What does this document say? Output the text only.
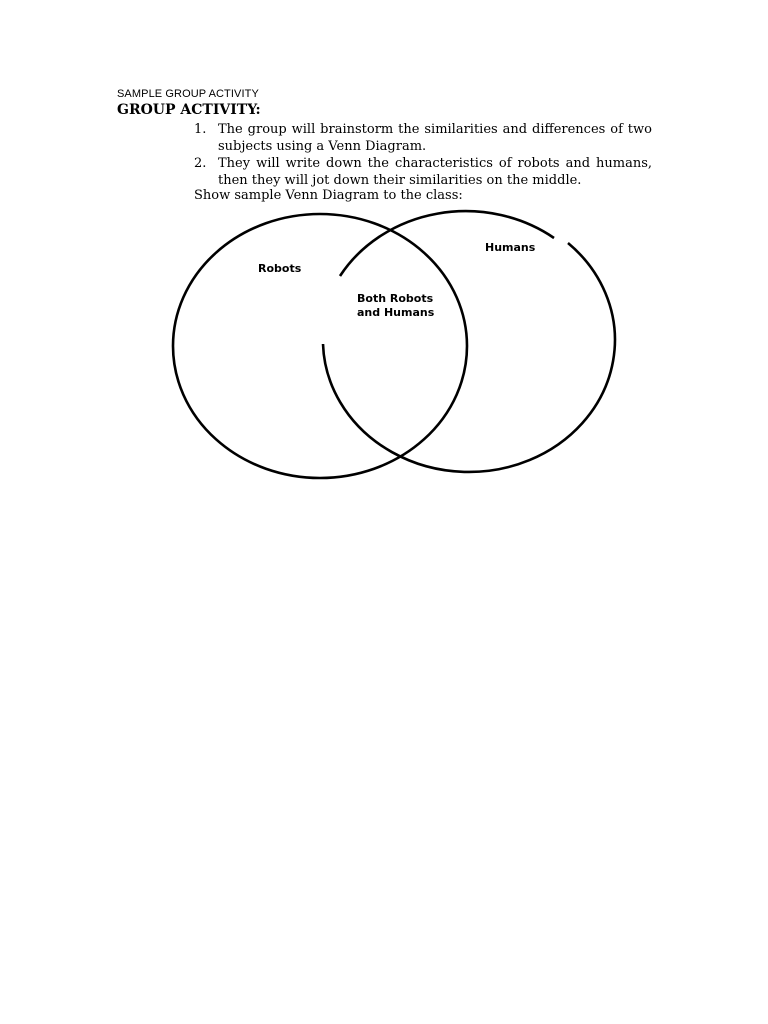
SAMPLE GROUP ACTIVITY
GROUP ACTIVITY:
1. The group will brainstorm the similarities and differences of two subjects using a Venn Diagram.
2. They will write down the characteristics of robots and humans, then they will jot down their similarities on the middle.
Show sample Venn Diagram to the class:
Robots
Humans
Both Robots and Humans
